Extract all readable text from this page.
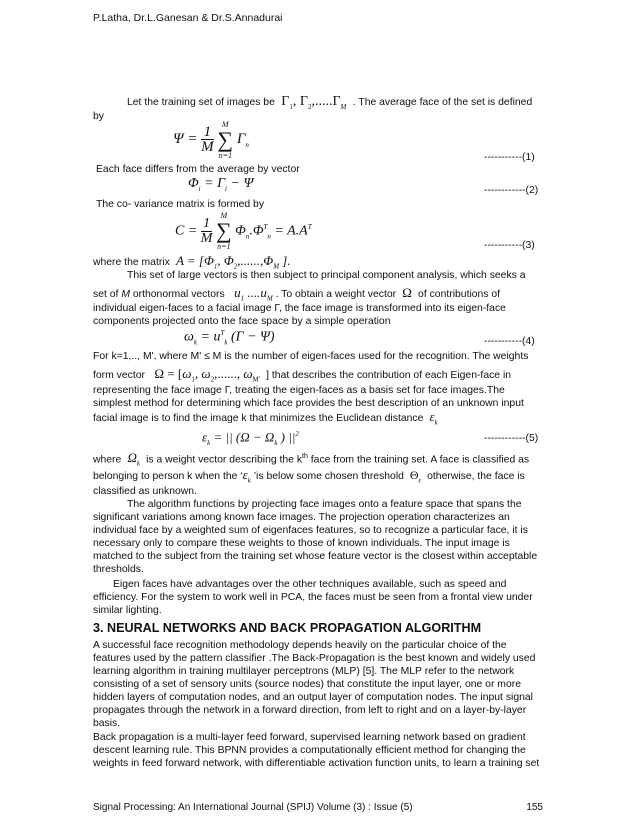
P.Latha, Dr.L.Ganesan & Dr.S.Annadurai
Let the training set of images be  $\Gamma_1$, $\Gamma_2,.....\Gamma_M$ . The average face of the set is defined
by
$\Psi = \frac{1}{M}$
M
∑
n=1 $\Gamma_n$
-----------(1)
Each face differs from the average by vector
$\Phi_i = \Gamma_i - \Psi$	------------(2)
The co- variance matrix is formed by
$C = \frac{1}{M}$
M
∑
n=1 $\Phi_n.\Phi^T_n = A.A^T$
-----------(3)
where the matrix  $A = [\Phi_1$, $\Phi_2,......,\Phi_M$ ].
This set of large vectors is then subject to principal component analysis, which seeks a
set of M orthonormal vectors   $u_1$ $....u_M$ . To obtain a weight vector  Ω  of contributions of
individual eigen-faces to a facial image Γ, the face image is transformed into its eigen-face
components projected onto the face space by a simple operation
$\omega_k = u^T_k$ (Γ − Ψ)	-----------(4)
For k=1,.., M', where M' ≤ M is the number of eigen-faces used for the recognition. The weights
form vector   $\Omega = [\omega_1$, $\omega_2$,......, $\omega_{M'}$ ] that describes the contribution of each Eigen-face in
representing the face image Γ, treating the eigen-faces as a basis set for face images.The
simplest method for determining which face provides the best description of an unknown input
facial image is to find the image k that minimizes the Euclidean distance  $\varepsilon_k$
$\varepsilon_k$ = || ($\Omega - \Omega_k$ ) $||^2$	------------(5)
where  $\Omega_k$ is a weight vector describing the $k^{th}$ face from the training set. A face is classified as
belonging to person k when the ‘$\varepsilon_k$ ’is below some chosen threshold  $\Theta_\varepsilon$ otherwise, the face is
classified as unknown.
The algorithm functions by projecting face images onto a feature space that spans the
significant variations among known face images. The projection operation characterizes an
individual face by a weighted sum of eigenfaces features, so to recognize a particular face, it is
necessary only to compare these weights to those of known individuals. The input image is
matched to the subject from the training set whose feature vector is the closest within acceptable
thresholds.
Eigen faces have advantages over the other techniques available, such as speed and
efficiency. For the system to work well in PCA, the faces must be seen from a frontal view under
similar lighting.
3. NEURAL NETWORKS AND BACK PROPAGATION ALGORITHM
A successful face recognition methodology depends heavily on the particular choice of the
features used by the pattern classifier .The Back-Propagation is the best known and widely used
learning algorithm in training multilayer perceptrons (MLP) [5]. The MLP refer to the network
consisting of a set of sensory units (source nodes) that constitute the input layer, one or more
hidden layers of computation nodes, and an output layer of computation nodes. The input signal
propagates through the network in a forward direction, from left to right and on a layer-by-layer
basis.
Back propagation is a multi-layer feed forward, supervised learning network based on gradient
descent learning rule. This BPNN provides a computationally efficient method for changing the
weights in feed forward network, with differentiable activation function units, to learn a training set
Signal Processing: An International Journal (SPIJ) Volume (3) : Issue (5)	155
